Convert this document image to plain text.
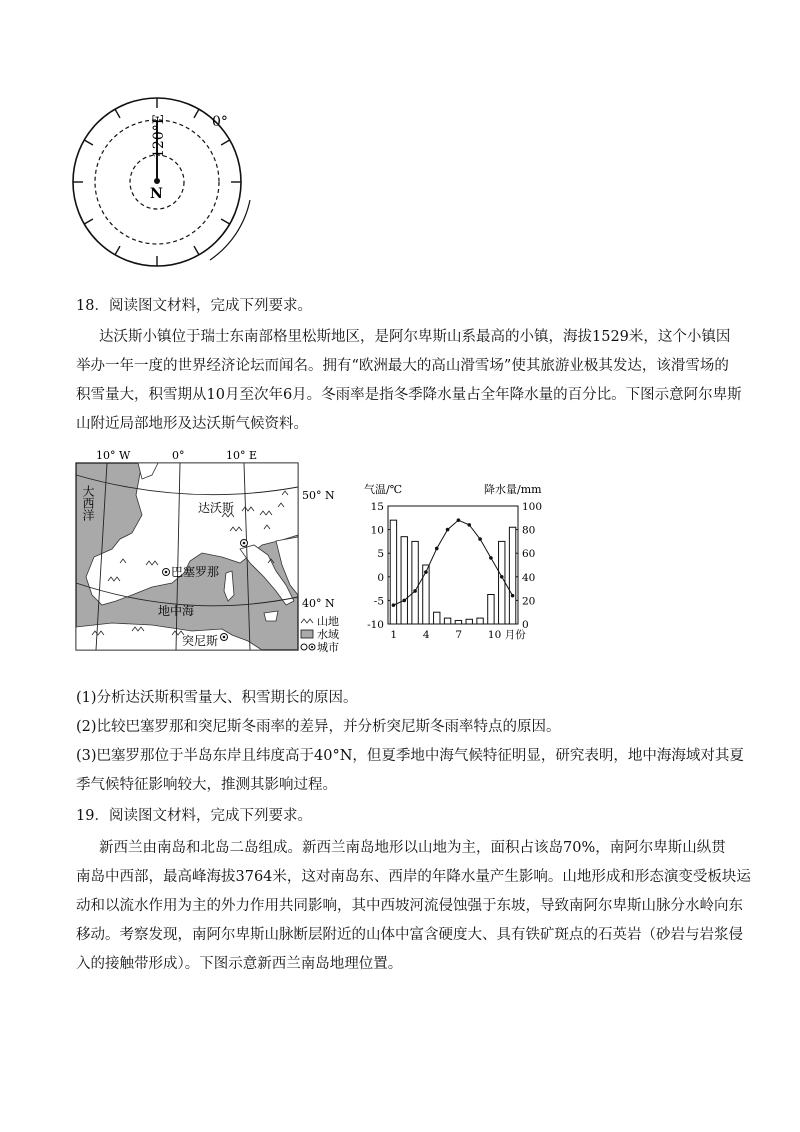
120°E	0°
N
18．阅读图文材料，完成下列要求。
达沃斯小镇位于瑞士东南部格里松斯地区，是阿尔卑斯山系最高的小镇，海拔1529米，这个小镇因
举办一年一度的世界经济论坛而闻名。拥有“欧洲最大的高山滑雪场”使其旅游业极其发达，该滑雪场的
积雪量大，积雪期从10月至次年6月。冬雨率是指冬季降水量占全年降水量的百分比。下图示意阿尔卑斯
山附近局部地形及达沃斯气候资料。
10° W	0°	10° E
大西洋	达沃斯
巴塞罗那
地中海
突尼斯
50° N
40° N
山地
水域
城市
气温/℃	降水量/mm
15
10
5
0
-5
-10
100
80
60
40
20
0
1 4 7 10 月份
(1)分析达沃斯积雪量大、积雪期长的原因。
(2)比较巴塞罗那和突尼斯冬雨率的差异，并分析突尼斯冬雨率特点的原因。
(3)巴塞罗那位于半岛东岸且纬度高于40°N，但夏季地中海气候特征明显，研究表明，地中海海域对其夏
季气候特征影响较大，推测其影响过程。
19．阅读图文材料，完成下列要求。
新西兰由南岛和北岛二岛组成。新西兰南岛地形以山地为主，面积占该岛70%，南阿尔卑斯山纵贯
南岛中西部，最高峰海拔3764米，这对南岛东、西岸的年降水量产生影响。山地形成和形态演变受板块运
动和以流水作用为主的外力作用共同影响，其中西坡河流侵蚀强于东坡，导致南阿尔卑斯山脉分水岭向东
移动。考察发现，南阿尔卑斯山脉断层附近的山体中富含硬度大、具有铁矿斑点的石英岩（砂岩与岩浆侵
入的接触带形成）。下图示意新西兰南岛地理位置。
